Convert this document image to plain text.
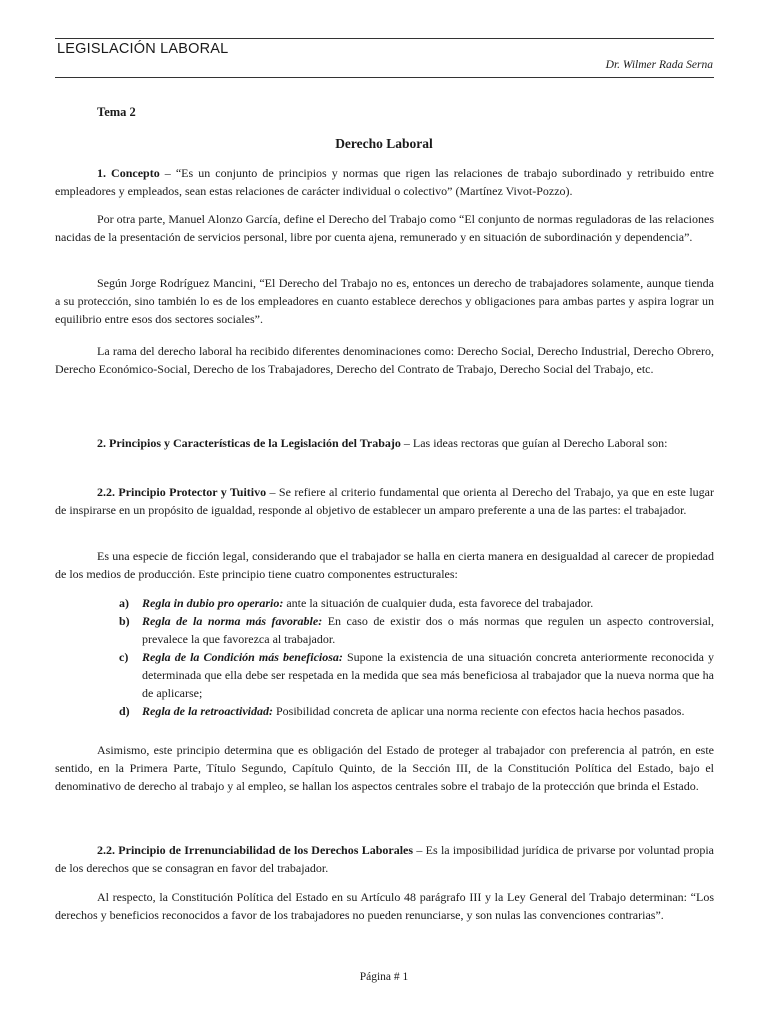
LEGISLACIÓN LABORAL
Dr. Wilmer Rada Serna
Tema 2
Derecho Laboral
1. Concepto – “Es un conjunto de principios y normas que rigen las relaciones de trabajo subordinado y retribuido entre empleadores y empleados, sean estas relaciones de carácter individual o colectivo” (Martínez Vivot-Pozzo).
Por otra parte, Manuel Alonzo García, define el Derecho del Trabajo como “El conjunto de normas reguladoras de las relaciones nacidas de la presentación de servicios personal, libre por cuenta ajena, remunerado y en situación de subordinación y dependencia”.
Según Jorge Rodríguez Mancini, “El Derecho del Trabajo no es, entonces un derecho de trabajadores solamente, aunque tienda a su protección, sino también lo es de los empleadores en cuanto establece derechos y obligaciones para ambas partes y aspira lograr un equilibrio entre esos dos sectores sociales”.
La rama del derecho laboral ha recibido diferentes denominaciones como: Derecho Social, Derecho Industrial, Derecho Obrero, Derecho Económico-Social, Derecho de los Trabajadores, Derecho del Contrato de Trabajo, Derecho Social del Trabajo, etc.
2. Principios y Características de la Legislación del Trabajo – Las ideas rectoras que guían al Derecho Laboral son:
2.2. Principio Protector y Tuitivo – Se refiere al criterio fundamental que orienta al Derecho del Trabajo, ya que en este lugar de inspirarse en un propósito de igualdad, responde al objetivo de establecer un amparo preferente a una de las partes: el trabajador.
Es una especie de ficción legal, considerando que el trabajador se halla en cierta manera en desigualdad al carecer de propiedad de los medios de producción. Este principio tiene cuatro componentes estructurales:
a) Regla in dubio pro operario: ante la situación de cualquier duda, esta favorece del trabajador.
b) Regla de la norma más favorable: En caso de existir dos o más normas que regulen un aspecto controversial, prevalece la que favorezca al trabajador.
c) Regla de la Condición más beneficiosa: Supone la existencia de una situación concreta anteriormente reconocida y determinada que ella debe ser respetada en la medida que sea más beneficiosa al trabajador que la nueva norma que ha de aplicarse;
d) Regla de la retroactividad: Posibilidad concreta de aplicar una norma reciente con efectos hacia hechos pasados.
Asimismo, este principio determina que es obligación del Estado de proteger al trabajador con preferencia al patrón, en este sentido, en la Primera Parte, Título Segundo, Capítulo Quinto, de la Sección III, de la Constitución Política del Estado, bajo el denominativo de derecho al trabajo y al empleo, se hallan los aspectos centrales sobre el trabajo de la protección que brinda el Estado.
2.2. Principio de Irrenunciabilidad de los Derechos Laborales – Es la imposibilidad jurídica de privarse por voluntad propia de los derechos que se consagran en favor del trabajador.
Al respecto, la Constitución Política del Estado en su Artículo 48 parágrafo III y la Ley General del Trabajo determinan: “Los derechos y beneficios reconocidos a favor de los trabajadores no pueden renunciarse, y son nulas las convenciones contrarias”.
Página # 1
